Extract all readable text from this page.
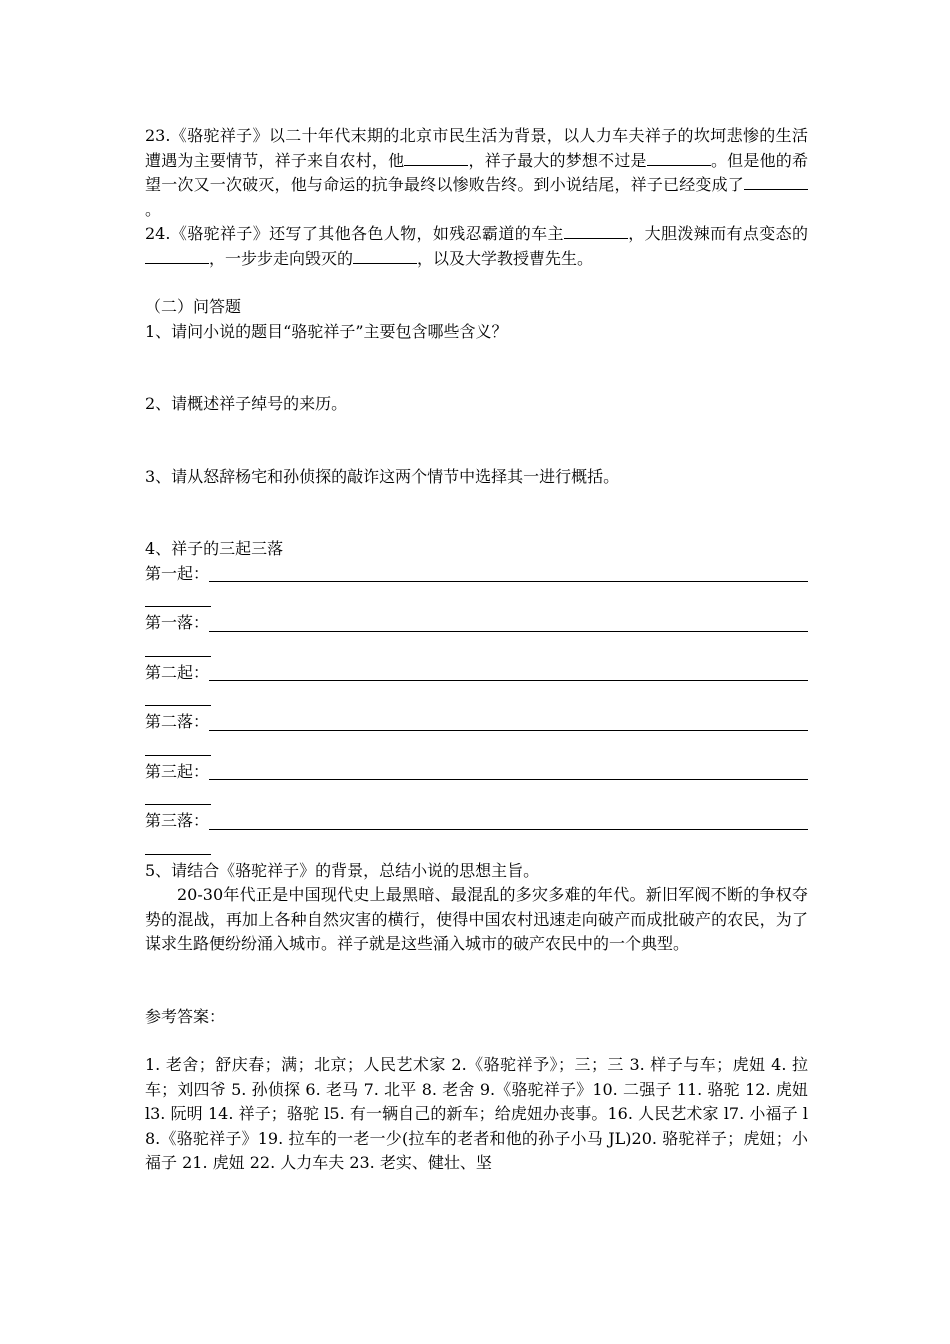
23.《骆驼祥子》以二十年代末期的北京市民生活为背景，以人力车夫祥子的坎坷悲惨的生活遭遇为主要情节，祥子来自农村，他	，祥子最大的梦想不过是	。但是他的希望一次又一次破灭，他与命运的抗争最终以惨败告终。到小说结尾，祥子已经变成了。

24.《骆驼祥子》还写了其他各色人物，如残忍霸道的车主	，大胆泼辣而有点变态的，一步步走向毁灭的	，以及大学教授曹先生。

（二）问答题

1、请问小说的题目“骆驼祥子”主要包含哪些含义？

2、请概述祥子绰号的来历。

3、请从怒辞杨宅和孙侦探的敲诈这两个情节中选择其一进行概括。

4、祥子的三起三落

第一起：
第一落：
第二起：
第二落：
第三起：
第三落：

5、请结合《骆驼祥子》的背景，总结小说的思想主旨。

20-30年代正是中国现代史上最黑暗、最混乱的多灾多难的年代。新旧军阀不断的争权夺势的混战，再加上各种自然灾害的横行，使得中国农村迅速走向破产而成批破产的农民，为了谋求生路便纷纷涌入城市。祥子就是这些涌入城市的破产农民中的一个典型。

参考答案：

1. 老舍；舒庆春；满；北京；人民艺术家 2.《骆驼祥予》；三；三 3. 样子与车；虎妞 4. 拉车；刘四爷 5. 孙侦探 6. 老马 7. 北平 8. 老舍 9.《骆驼祥子》10. 二强子 11. 骆驼 12. 虎妞 l3. 阮明 14. 祥子；骆驼 l5. 有一辆自己的新车；给虎妞办丧事。16. 人民艺术家 l7. 小福子 l8.《骆驼祥子》19. 拉车的一老一少(拉车的老者和他的孙子小马 JL)20. 骆驼祥子；虎妞；小福子 21. 虎妞 22. 人力车夫 23. 老实、健壮、坚
